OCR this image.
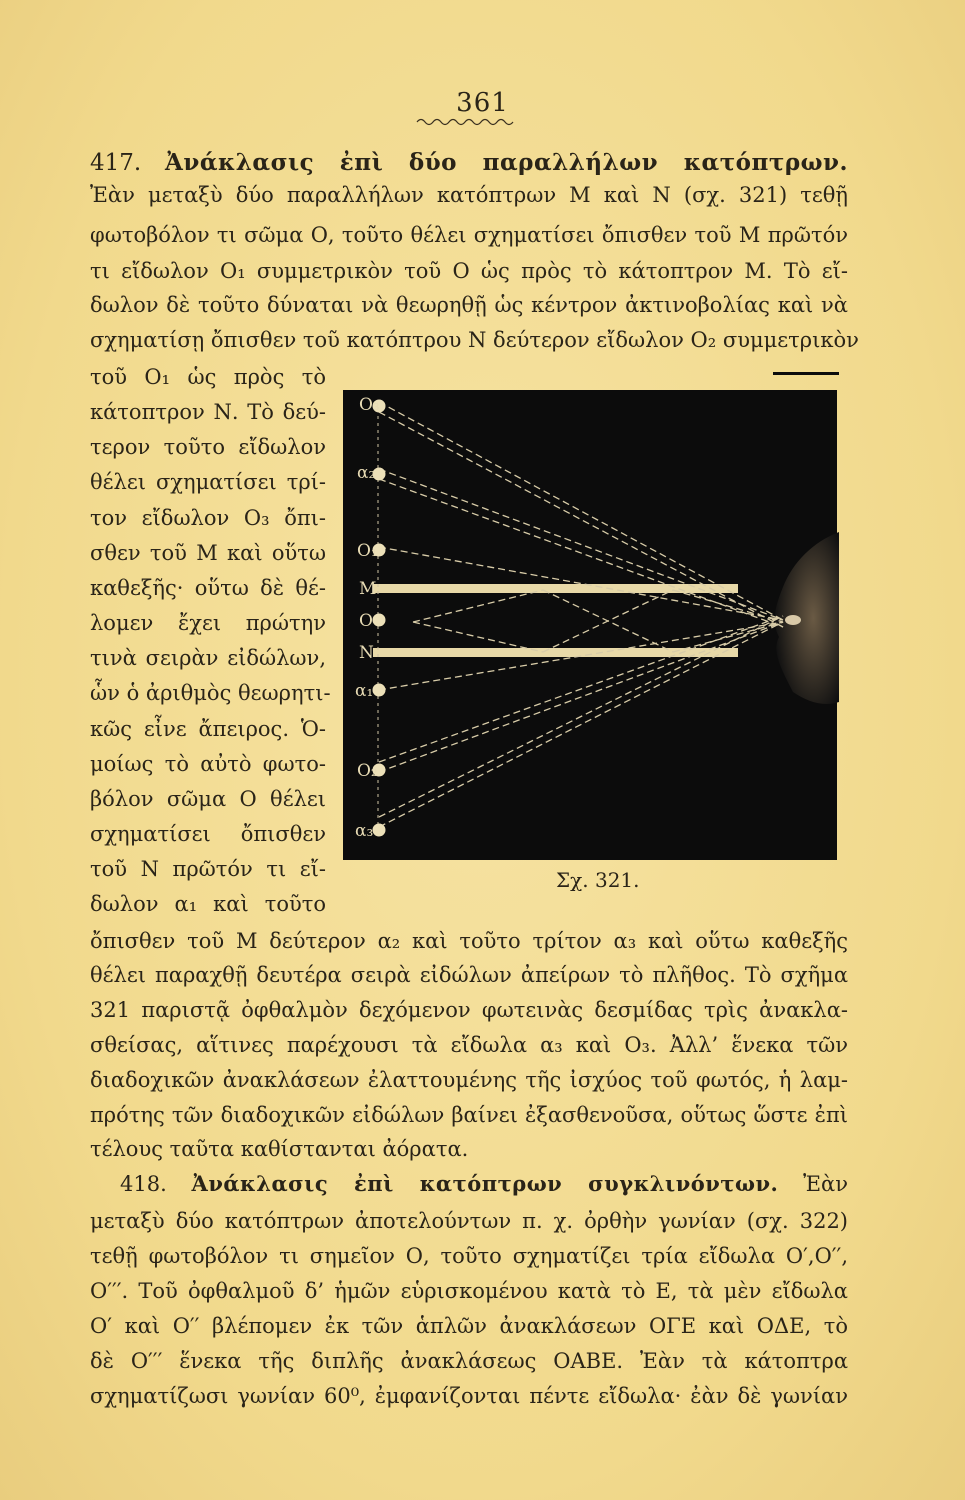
361
417. Ἀνάκλασις ἐπὶ δύο παραλλήλων κατόπτρων.
Ἐὰν μεταξὺ δύο παραλλήλων κατόπτρων Μ καὶ Ν (σχ. 321) τεθῇ
φωτοβόλον τι σῶμα Ο, τοῦτο θέλει σχηματίσει ὄπισθεν τοῦ Μ πρῶτόν
τι εἴδωλον Ο₁ συμμετρικὸν τοῦ Ο ὡς πρὸς τὸ κάτοπτρον Μ. Τὸ εἴ-
δωλον δὲ τοῦτο δύναται νὰ θεωρηθῇ ὡς κέντρον ἀκτινοβολίας καὶ νὰ
σχηματίσῃ ὄπισθεν τοῦ κατόπτρου Ν δεύτερον εἴδωλον Ο₂ συμμετρικὸν
τοῦ Ο₁ ὡς πρὸς τὸ
κάτοπτρον Ν. Τὸ δεύ-
τερον τοῦτο εἴδωλον
θέλει σχηματίσει τρί-
τον εἴδωλον Ο₃ ὄπι-
σθεν τοῦ Μ καὶ οὕτω
καθεξῆς· οὕτω δὲ θέ-
λομεν ἔχει πρώτην
τινὰ σειρὰν εἰδώλων,
ὧν ὁ ἀριθμὸς θεωρητι-
κῶς εἶνε ἄπειρος. Ὁ-
μοίως τὸ αὐτὸ φωτο-
βόλον σῶμα Ο θέλει
σχηματίσει ὄπισθεν
τοῦ Ν πρῶτόν τι εἴ-
δωλον α₁ καὶ τοῦτο
O₃
α₂
O₁
M
O
N
α₁
O₂
α₃
Σχ. 321.
ὄπισθεν τοῦ Μ δεύτερον α₂ καὶ τοῦτο τρίτον α₃ καὶ οὕτω καθεξῆς
θέλει παραχθῇ δευτέρα σειρὰ εἰδώλων ἀπείρων τὸ πλῆθος. Τὸ σχῆμα
321 παριστᾷ ὀφθαλμὸν δεχόμενον φωτεινὰς δεσμίδας τρὶς ἀνακλα-
σθείσας, αἵτινες παρέχουσι τὰ εἴδωλα α₃ καὶ Ο₃. Ἀλλ’ ἕνεκα τῶν
διαδοχικῶν ἀνακλάσεων ἐλαττουμένης τῆς ἰσχύος τοῦ φωτός, ἡ λαμ-
πρότης τῶν διαδοχικῶν εἰδώλων βαίνει ἐξασθενοῦσα, οὕτως ὥστε ἐπὶ
τέλους ταῦτα καθίστανται ἀόρατα.
418. Ἀνάκλασις ἐπὶ κατόπτρων συγκλινόντων. Ἐὰν
μεταξὺ δύο κατόπτρων ἀποτελούντων π. χ. ὀρθὴν γωνίαν (σχ. 322)
τεθῇ φωτοβόλον τι σημεῖον Ο, τοῦτο σχηματίζει τρία εἴδωλα Ο′,Ο′′,
Ο′′′. Τοῦ ὀφθαλμοῦ δ’ ἡμῶν εὑρισκομένου κατὰ τὸ Ε, τὰ μὲν εἴδωλα
Ο′ καὶ Ο′′ βλέπομεν ἐκ τῶν ἁπλῶν ἀνακλάσεων ΟΓΕ καὶ ΟΔΕ, τὸ
δὲ Ο′′′ ἕνεκα τῆς διπλῆς ἀνακλάσεως ΟΑΒΕ. Ἐὰν τὰ κάτοπτρα
σχηματίζωσι γωνίαν 60⁰, ἐμφανίζονται πέντε εἴδωλα· ἐὰν δὲ γωνίαν
